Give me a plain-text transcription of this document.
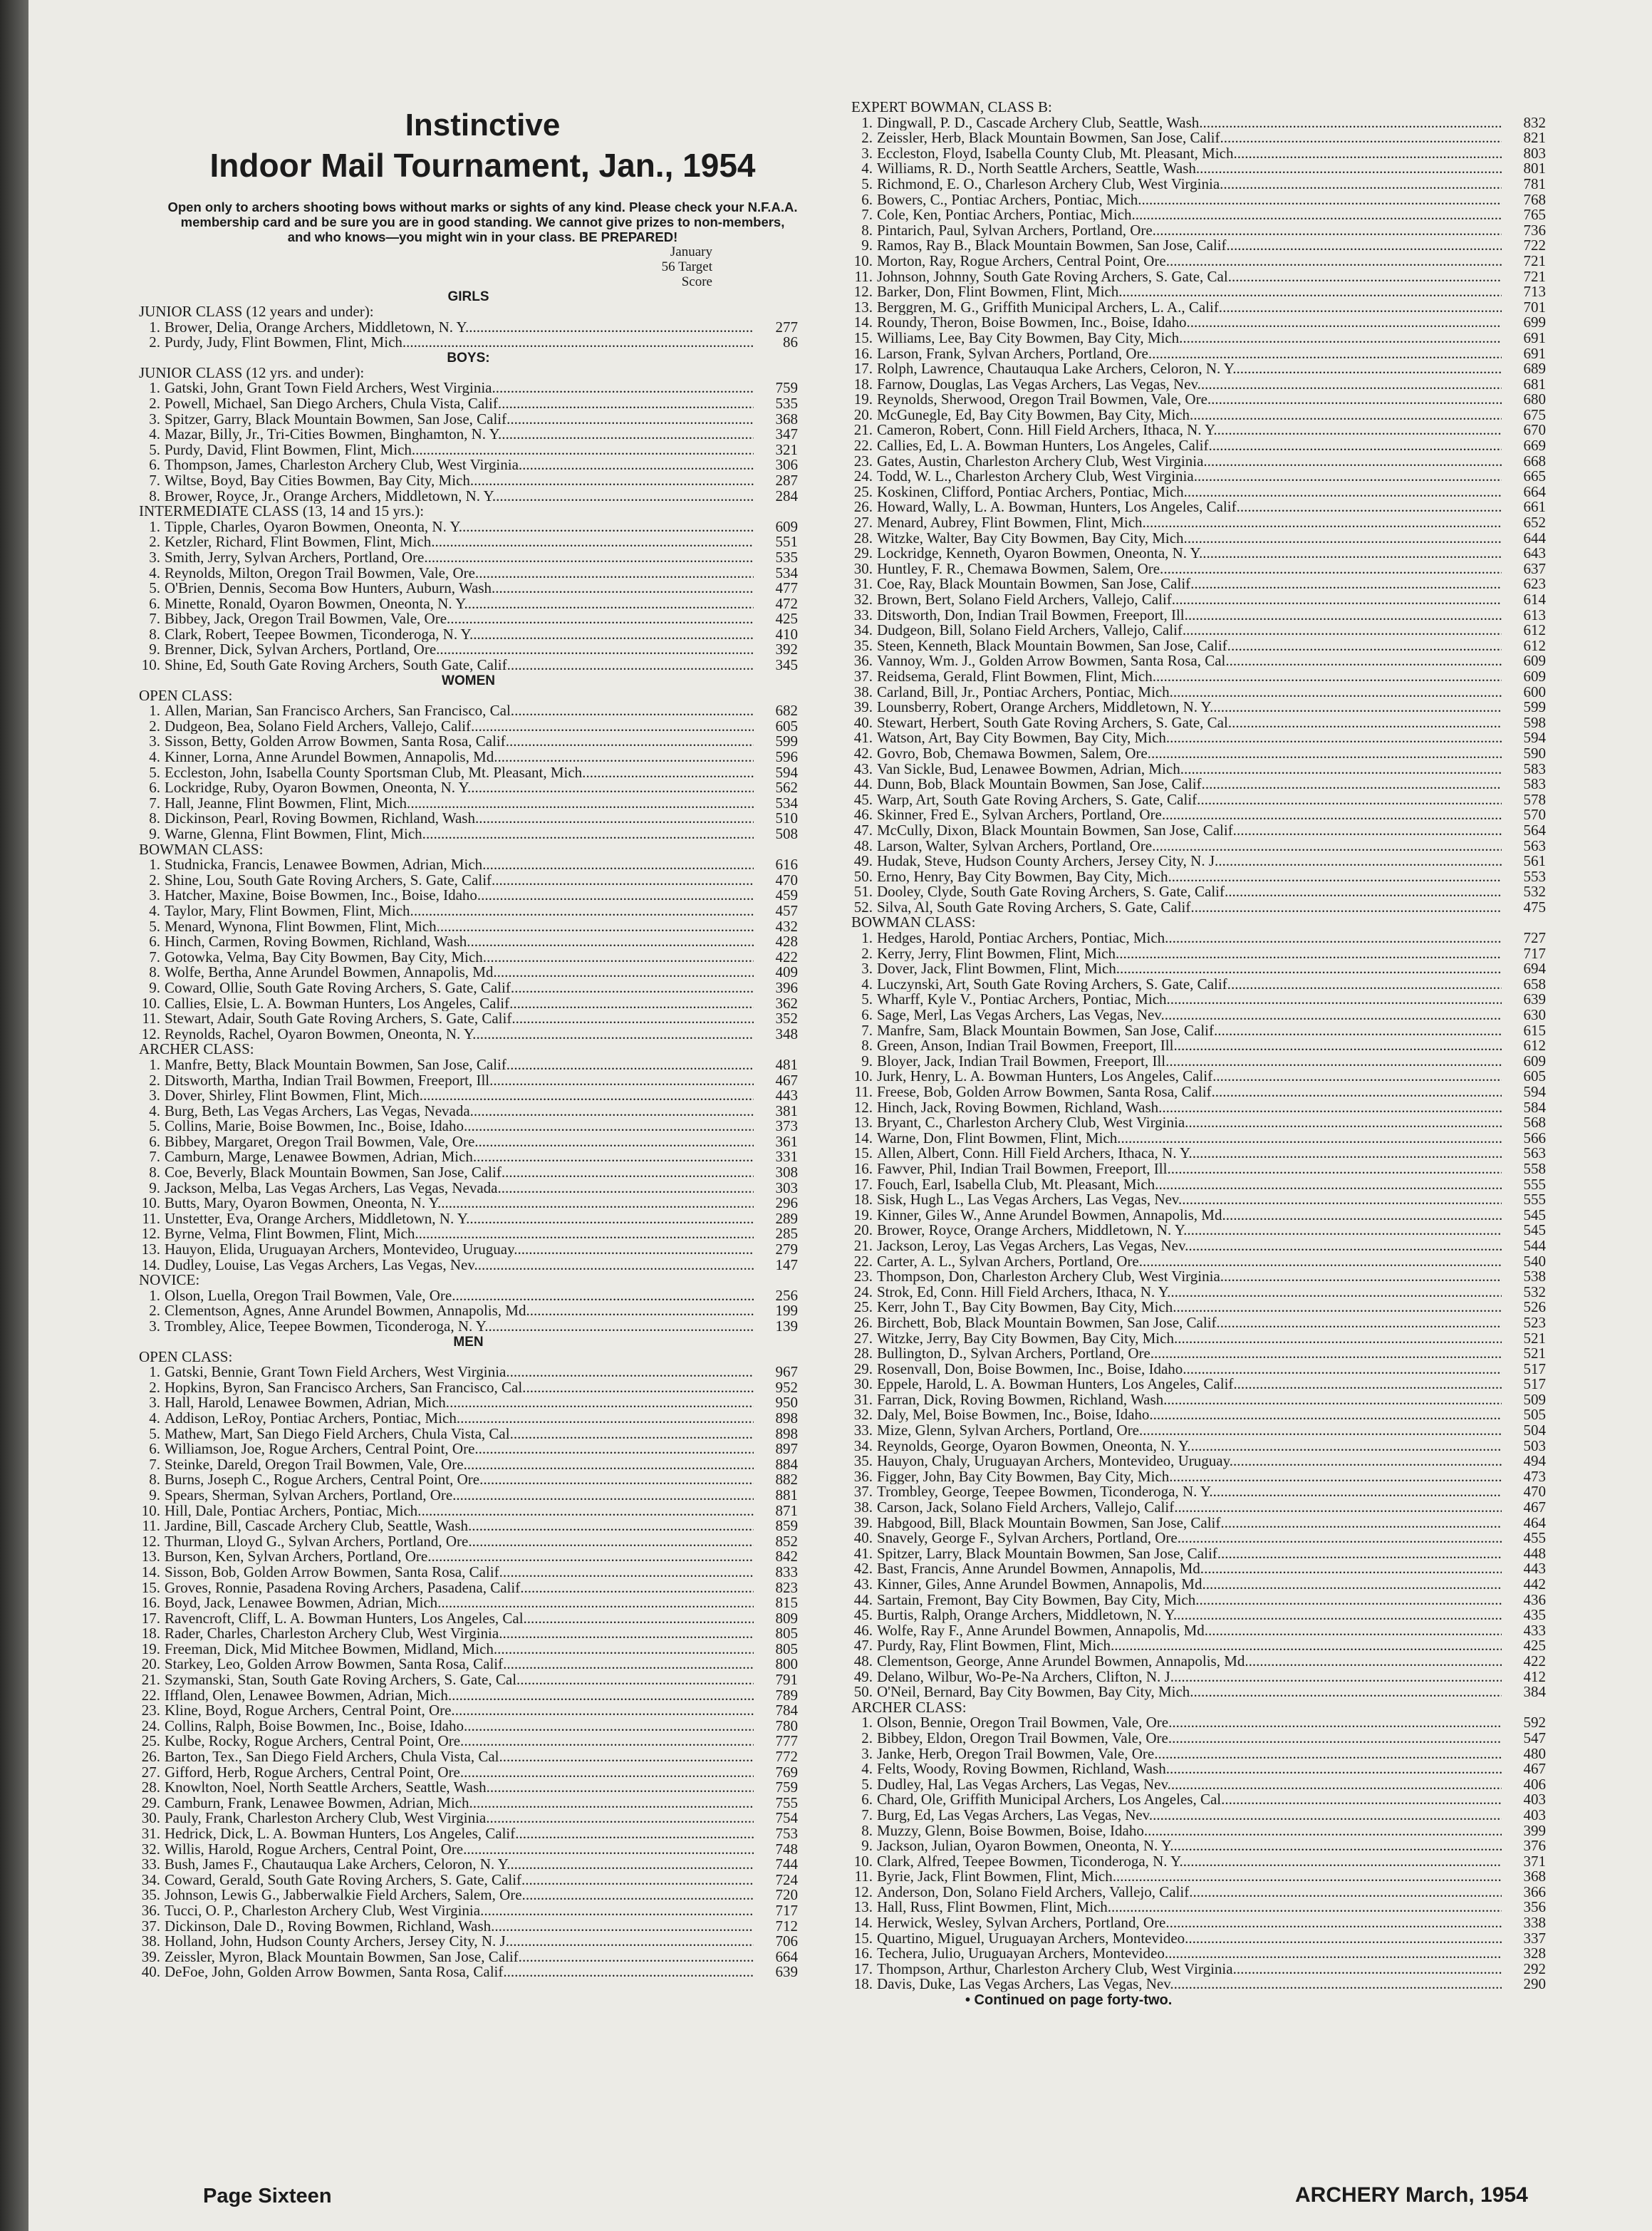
Instinctive
Indoor Mail Tournament, Jan., 1954
Open only to archers shooting bows without marks or sights of any kind. Please check your N.F.A.A. membership card and be sure you are in good standing. We cannot give prizes to non-members, and who knows—you might win in your class. BE PREPARED!
January
56 Target
Score
GIRLS
JUNIOR CLASS (12 years and under):
1. Brower, Delia, Orange Archers, Middletown, N. Y. .....	277
2. Purdy, Judy, Flint Bowmen, Flint, Mich. .....	86
BOYS:
JUNIOR CLASS (12 yrs. and under):
1. Gatski, John, Grant Town Field Archers, West Virginia .....	759
2. Powell, Michael, San Diego Archers, Chula Vista, Calif. .....	535
3. Spitzer, Garry, Black Mountain Bowmen, San Jose, Calif. .....	368
4. Mazar, Billy, Jr., Tri-Cities Bowmen, Binghamton, N. Y. .....	347
5. Purdy, David, Flint Bowmen, Flint, Mich. .....	321
6. Thompson, James, Charleston Archery Club, West Virginia .....	306
7. Wiltse, Boyd, Bay Cities Bowmen, Bay City, Mich. .....	287
8. Brower, Royce, Jr., Orange Archers, Middletown, N. Y. .....	284
INTERMEDIATE CLASS (13, 14 and 15 yrs.):
1. Tipple, Charles, Oyaron Bowmen, Oneonta, N. Y. .....	609
2. Ketzler, Richard, Flint Bowmen, Flint, Mich. .....	551
3. Smith, Jerry, Sylvan Archers, Portland, Ore. .....	535
4. Reynolds, Milton, Oregon Trail Bowmen, Vale, Ore. .....	534
5. O'Brien, Dennis, Secoma Bow Hunters, Auburn, Wash. .....	477
6. Minette, Ronald, Oyaron Bowmen, Oneonta, N. Y. .....	472
7. Bibbey, Jack, Oregon Trail Bowmen, Vale, Ore. .....	425
8. Clark, Robert, Teepee Bowmen, Ticonderoga, N. Y. .....	410
9. Brenner, Dick, Sylvan Archers, Portland, Ore. .....	392
10. Shine, Ed, South Gate Roving Archers, South Gate, Calif. .....	345
WOMEN
OPEN CLASS:
1. Allen, Marian, San Francisco Archers, San Francisco, Cal. .....	682
2. Dudgeon, Bea, Solano Field Archers, Vallejo, Calif. .....	605
3. Sisson, Betty, Golden Arrow Bowmen, Santa Rosa, Calif. .....	599
4. Kinner, Lorna, Anne Arundel Bowmen, Annapolis, Md. .....	596
5. Eccleston, John, Isabella County Sportsman Club, Mt. Pleasant, Mich. .....	594
6. Lockridge, Ruby, Oyaron Bowmen, Oneonta, N. Y. .....	562
7. Hall, Jeanne, Flint Bowmen, Flint, Mich. .....	534
8. Dickinson, Pearl, Roving Bowmen, Richland, Wash. .....	510
9. Warne, Glenna, Flint Bowmen, Flint, Mich. .....	508
BOWMAN CLASS:
1. Studnicka, Francis, Lenawee Bowmen, Adrian, Mich. .....	616
2. Shine, Lou, South Gate Roving Archers, S. Gate, Calif. .....	470
3. Hatcher, Maxine, Boise Bowmen, Inc., Boise, Idaho .....	459
4. Taylor, Mary, Flint Bowmen, Flint, Mich. .....	457
5. Menard, Wynona, Flint Bowmen, Flint, Mich. .....	432
6. Hinch, Carmen, Roving Bowmen, Richland, Wash. .....	428
7. Gotowka, Velma, Bay City Bowmen, Bay City, Mich. .....	422
8. Wolfe, Bertha, Anne Arundel Bowmen, Annapolis, Md. .....	409
9. Coward, Ollie, South Gate Roving Archers, S. Gate, Calif. .....	396
10. Callies, Elsie, L. A. Bowman Hunters, Los Angeles, Calif. .....	362
11. Stewart, Adair, South Gate Roving Archers, S. Gate, Calif. .....	352
12. Reynolds, Rachel, Oyaron Bowmen, Oneonta, N. Y. .....	348
ARCHER CLASS:
1. Manfre, Betty, Black Mountain Bowmen, San Jose, Calif. .....	481
2. Ditsworth, Martha, Indian Trail Bowmen, Freeport, Ill. .....	467
3. Dover, Shirley, Flint Bowmen, Flint, Mich. .....	443
4. Burg, Beth, Las Vegas Archers, Las Vegas, Nevada .....	381
5. Collins, Marie, Boise Bowmen, Inc., Boise, Idaho .....	373
6. Bibbey, Margaret, Oregon Trail Bowmen, Vale, Ore. .....	361
7. Camburn, Marge, Lenawee Bowmen, Adrian, Mich. .....	331
8. Coe, Beverly, Black Mountain Bowmen, San Jose, Calif. .....	308
9. Jackson, Melba, Las Vegas Archers, Las Vegas, Nevada .....	303
10. Butts, Mary, Oyaron Bowmen, Oneonta, N. Y. .....	296
11. Unstetter, Eva, Orange Archers, Middletown, N. Y. .....	289
12. Byrne, Velma, Flint Bowmen, Flint, Mich. .....	285
13. Hauyon, Elida, Uruguayan Archers, Montevideo, Uruguay .....	279
14. Dudley, Louise, Las Vegas Archers, Las Vegas, Nev. .....	147
NOVICE:
1. Olson, Luella, Oregon Trail Bowmen, Vale, Ore. .....	256
2. Clementson, Agnes, Anne Arundel Bowmen, Annapolis, Md. .....	199
3. Trombley, Alice, Teepee Bowmen, Ticonderoga, N. Y. .....	139
MEN
OPEN CLASS:
1. Gatski, Bennie, Grant Town Field Archers, West Virginia .....	967
2. Hopkins, Byron, San Francisco Archers, San Francisco, Cal. .....	952
3. Hall, Harold, Lenawee Bowmen, Adrian, Mich. .....	950
4. Addison, LeRoy, Pontiac Archers, Pontiac, Mich. .....	898
5. Mathew, Mart, San Diego Field Archers, Chula Vista, Cal. .....	898
6. Williamson, Joe, Rogue Archers, Central Point, Ore. .....	897
7. Steinke, Dareld, Oregon Trail Bowmen, Vale, Ore. .....	884
8. Burns, Joseph C., Rogue Archers, Central Point, Ore. .....	882
9. Spears, Sherman, Sylvan Archers, Portland, Ore. .....	881
10. Hill, Dale, Pontiac Archers, Pontiac, Mich. .....	871
11. Jardine, Bill, Cascade Archery Club, Seattle, Wash. .....	859
12. Thurman, Lloyd G., Sylvan Archers, Portland, Ore. .....	852
13. Burson, Ken, Sylvan Archers, Portland, Ore. .....	842
14. Sisson, Bob, Golden Arrow Bowmen, Santa Rosa, Calif. .....	833
15. Groves, Ronnie, Pasadena Roving Archers, Pasadena, Calif. .....	823
16. Boyd, Jack, Lenawee Bowmen, Adrian, Mich. .....	815
17. Ravencroft, Cliff, L. A. Bowman Hunters, Los Angeles, Cal. .....	809
18. Rader, Charles, Charleston Archery Club, West Virginia .....	805
19. Freeman, Dick, Mid Mitchee Bowmen, Midland, Mich. .....	805
20. Starkey, Leo, Golden Arrow Bowmen, Santa Rosa, Calif. .....	800
21. Szymanski, Stan, South Gate Roving Archers, S. Gate, Cal. .....	791
22. Iffland, Olen, Lenawee Bowmen, Adrian, Mich. .....	789
23. Kline, Boyd, Rogue Archers, Central Point, Ore. .....	784
24. Collins, Ralph, Boise Bowmen, Inc., Boise, Idaho .....	780
25. Kulbe, Rocky, Rogue Archers, Central Point, Ore. .....	777
26. Barton, Tex., San Diego Field Archers, Chula Vista, Cal. .....	772
27. Gifford, Herb, Rogue Archers, Central Point, Ore. .....	769
28. Knowlton, Noel, North Seattle Archers, Seattle, Wash. .....	759
29. Camburn, Frank, Lenawee Bowmen, Adrian, Mich. .....	755
30. Pauly, Frank, Charleston Archery Club, West Virginia .....	754
31. Hedrick, Dick, L. A. Bowman Hunters, Los Angeles, Calif. .....	753
32. Willis, Harold, Rogue Archers, Central Point, Ore. .....	748
33. Bush, James F., Chautauqua Lake Archers, Celoron, N. Y. .....	744
34. Coward, Gerald, South Gate Roving Archers, S. Gate, Calif. .....	724
35. Johnson, Lewis G., Jabberwalkie Field Archers, Salem, Ore. .....	720
36. Tucci, O. P., Charleston Archery Club, West Virginia .....	717
37. Dickinson, Dale D., Roving Bowmen, Richland, Wash. .....	712
38. Holland, John, Hudson County Archers, Jersey City, N. J. .....	706
39. Zeissler, Myron, Black Mountain Bowmen, San Jose, Calif. .....	664
40. DeFoe, John, Golden Arrow Bowmen, Santa Rosa, Calif. .....	639
EXPERT BOWMAN, CLASS B:
1. Dingwall, P. D., Cascade Archery Club, Seattle, Wash. .....	832
2. Zeissler, Herb, Black Mountain Bowmen, San Jose, Calif. .....	821
3. Eccleston, Floyd, Isabella County Club, Mt. Pleasant, Mich. .....	803
4. Williams, R. D., North Seattle Archers, Seattle, Wash. .....	801
5. Richmond, E. O., Charleson Archery Club, West Virginia .....	781
6. Bowers, C., Pontiac Archers, Pontiac, Mich. .....	768
7. Cole, Ken, Pontiac Archers, Pontiac, Mich. .....	765
8. Pintarich, Paul, Sylvan Archers, Portland, Ore. .....	736
9. Ramos, Ray B., Black Mountain Bowmen, San Jose, Calif. .....	722
10. Morton, Ray, Rogue Archers, Central Point, Ore. .....	721
11. Johnson, Johnny, South Gate Roving Archers, S. Gate, Cal. .....	721
12. Barker, Don, Flint Bowmen, Flint, Mich. .....	713
13. Berggren, M. G., Griffith Municipal Archers, L. A., Calif. .....	701
14. Roundy, Theron, Boise Bowmen, Inc., Boise, Idaho .....	699
15. Williams, Lee, Bay City Bowmen, Bay City, Mich. .....	691
16. Larson, Frank, Sylvan Archers, Portland, Ore. .....	691
17. Rolph, Lawrence, Chautauqua Lake Archers, Celoron, N. Y. .....	689
18. Farnow, Douglas, Las Vegas Archers, Las Vegas, Nev. .....	681
19. Reynolds, Sherwood, Oregon Trail Bowmen, Vale, Ore. .....	680
20. McGunegle, Ed, Bay City Bowmen, Bay City, Mich. .....	675
21. Cameron, Robert, Conn. Hill Field Archers, Ithaca, N. Y. .....	670
22. Callies, Ed, L. A. Bowman Hunters, Los Angeles, Calif. .....	669
23. Gates, Austin, Charleston Archery Club, West Virginia .....	668
24. Todd, W. L., Charleston Archery Club, West Virginia .....	665
25. Koskinen, Clifford, Pontiac Archers, Pontiac, Mich. .....	664
26. Howard, Wally, L. A. Bowman, Hunters, Los Angeles, Calif. .....	661
27. Menard, Aubrey, Flint Bowmen, Flint, Mich. .....	652
28. Witzke, Walter, Bay City Bowmen, Bay City, Mich. .....	644
29. Lockridge, Kenneth, Oyaron Bowmen, Oneonta, N. Y. .....	643
30. Huntley, F. R., Chemawa Bowmen, Salem, Ore. .....	637
31. Coe, Ray, Black Mountain Bowmen, San Jose, Calif. .....	623
32. Brown, Bert, Solano Field Archers, Vallejo, Calif. .....	614
33. Ditsworth, Don, Indian Trail Bowmen, Freeport, Ill. .....	613
34. Dudgeon, Bill, Solano Field Archers, Vallejo, Calif. .....	612
35. Steen, Kenneth, Black Mountain Bowmen, San Jose, Calif. .....	612
36. Vannoy, Wm. J., Golden Arrow Bowmen, Santa Rosa, Cal. .....	609
37. Reidsema, Gerald, Flint Bowmen, Flint, Mich. .....	609
38. Carland, Bill, Jr., Pontiac Archers, Pontiac, Mich. .....	600
39. Lounsberry, Robert, Orange Archers, Middletown, N. Y. .....	599
40. Stewart, Herbert, South Gate Roving Archers, S. Gate, Cal. .....	598
41. Watson, Art, Bay City Bowmen, Bay City, Mich. .....	594
42. Govro, Bob, Chemawa Bowmen, Salem, Ore. .....	590
43. Van Sickle, Bud, Lenawee Bowmen, Adrian, Mich. .....	583
44. Dunn, Bob, Black Mountain Bowmen, San Jose, Calif. .....	583
45. Warp, Art, South Gate Roving Archers, S. Gate, Calif. .....	578
46. Skinner, Fred E., Sylvan Archers, Portland, Ore. .....	570
47. McCully, Dixon, Black Mountain Bowmen, San Jose, Calif. .....	564
48. Larson, Walter, Sylvan Archers, Portland, Ore. .....	563
49. Hudak, Steve, Hudson County Archers, Jersey City, N. J. .....	561
50. Erno, Henry, Bay City Bowmen, Bay City, Mich. .....	553
51. Dooley, Clyde, South Gate Roving Archers, S. Gate, Calif. .....	532
52. Silva, Al, South Gate Roving Archers, S. Gate, Calif. .....	475
BOWMAN CLASS:
1. Hedges, Harold, Pontiac Archers, Pontiac, Mich. .....	727
2. Kerry, Jerry, Flint Bowmen, Flint, Mich. .....	717
3. Dover, Jack, Flint Bowmen, Flint, Mich. .....	694
4. Luczynski, Art, South Gate Roving Archers, S. Gate, Calif. .....	658
5. Wharff, Kyle V., Pontiac Archers, Pontiac, Mich. .....	639
6. Sage, Merl, Las Vegas Archers, Las Vegas, Nev. .....	630
7. Manfre, Sam, Black Mountain Bowmen, San Jose, Calif. .....	615
8. Green, Anson, Indian Trail Bowmen, Freeport, Ill. .....	612
9. Bloyer, Jack, Indian Trail Bowmen, Freeport, Ill. .....	609
10. Jurk, Henry, L. A. Bowman Hunters, Los Angeles, Calif. .....	605
11. Freese, Bob, Golden Arrow Bowmen, Santa Rosa, Calif. .....	594
12. Hinch, Jack, Roving Bowmen, Richland, Wash. .....	584
13. Bryant, C., Charleston Archery Club, West Virginia .....	568
14. Warne, Don, Flint Bowmen, Flint, Mich. .....	566
15. Allen, Albert, Conn. Hill Field Archers, Ithaca, N. Y. .....	563
16. Fawver, Phil, Indian Trail Bowmen, Freeport, Ill. .....	558
17. Fouch, Earl, Isabella Club, Mt. Pleasant, Mich. .....	555
18. Sisk, Hugh L., Las Vegas Archers, Las Vegas, Nev. .....	555
19. Kinner, Giles W., Anne Arundel Bowmen, Annapolis, Md. .....	545
20. Brower, Royce, Orange Archers, Middletown, N. Y. .....	545
21. Jackson, Leroy, Las Vegas Archers, Las Vegas, Nev. .....	544
22. Carter, A. L., Sylvan Archers, Portland, Ore. .....	540
23. Thompson, Don, Charleston Archery Club, West Virginia .....	538
24. Strok, Ed, Conn. Hill Field Archers, Ithaca, N. Y. .....	532
25. Kerr, John T., Bay City Bowmen, Bay City, Mich. .....	526
26. Birchett, Bob, Black Mountain Bowmen, San Jose, Calif. .....	523
27. Witzke, Jerry, Bay City Bowmen, Bay City, Mich. .....	521
28. Bullington, D., Sylvan Archers, Portland, Ore. .....	521
29. Rosenvall, Don, Boise Bowmen, Inc., Boise, Idaho .....	517
30. Eppele, Harold, L. A. Bowman Hunters, Los Angeles, Calif. .....	517
31. Farran, Dick, Roving Bowmen, Richland, Wash. .....	509
32. Daly, Mel, Boise Bowmen, Inc., Boise, Idaho .....	505
33. Mize, Glenn, Sylvan Archers, Portland, Ore. .....	504
34. Reynolds, George, Oyaron Bowmen, Oneonta, N. Y. .....	503
35. Hauyon, Chaly, Uruguayan Archers, Montevideo, Uruguay .....	494
36. Figger, John, Bay City Bowmen, Bay City, Mich. .....	473
37. Trombley, George, Teepee Bowmen, Ticonderoga, N. Y. .....	470
38. Carson, Jack, Solano Field Archers, Vallejo, Calif. .....	467
39. Habgood, Bill, Black Mountain Bowmen, San Jose, Calif. .....	464
40. Snavely, George F., Sylvan Archers, Portland, Ore. .....	455
41. Spitzer, Larry, Black Mountain Bowmen, San Jose, Calif. .....	448
42. Bast, Francis, Anne Arundel Bowmen, Annapolis, Md. .....	443
43. Kinner, Giles, Anne Arundel Bowmen, Annapolis, Md. .....	442
44. Sartain, Fremont, Bay City Bowmen, Bay City, Mich. .....	436
45. Burtis, Ralph, Orange Archers, Middletown, N. Y. .....	435
46. Wolfe, Ray F., Anne Arundel Bowmen, Annapolis, Md. .....	433
47. Purdy, Ray, Flint Bowmen, Flint, Mich. .....	425
48. Clementson, George, Anne Arundel Bowmen, Annapolis, Md. .....	422
49. Delano, Wilbur, Wo-Pe-Na Archers, Clifton, N. J. .....	412
50. O'Neil, Bernard, Bay City Bowmen, Bay City, Mich. .....	384
ARCHER CLASS:
1. Olson, Bennie, Oregon Trail Bowmen, Vale, Ore. .....	592
2. Bibbey, Eldon, Oregon Trail Bowmen, Vale, Ore. .....	547
3. Janke, Herb, Oregon Trail Bowmen, Vale, Ore. .....	480
4. Felts, Woody, Roving Bowmen, Richland, Wash. .....	467
5. Dudley, Hal, Las Vegas Archers, Las Vegas, Nev. .....	406
6. Chard, Ole, Griffith Municipal Archers, Los Angeles, Cal. .....	403
7. Burg, Ed, Las Vegas Archers, Las Vegas, Nev. .....	403
8. Muzzy, Glenn, Boise Bowmen, Boise, Idaho .....	399
9. Jackson, Julian, Oyaron Bowmen, Oneonta, N. Y. .....	376
10. Clark, Alfred, Teepee Bowmen, Ticonderoga, N. Y. .....	371
11. Byrie, Jack, Flint Bowmen, Flint, Mich. .....	368
12. Anderson, Don, Solano Field Archers, Vallejo, Calif. .....	366
13. Hall, Russ, Flint Bowmen, Flint, Mich. .....	356
14. Herwick, Wesley, Sylvan Archers, Portland, Ore. .....	338
15. Quartino, Miguel, Uruguayan Archers, Montevideo .....	337
16. Techera, Julio, Uruguayan Archers, Montevideo .....	328
17. Thompson, Arthur, Charleston Archery Club, West Virginia .....	292
18. Davis, Duke, Las Vegas Archers, Las Vegas, Nev. .....	290
• Continued on page forty-two.
Page Sixteen	ARCHERY March, 1954
